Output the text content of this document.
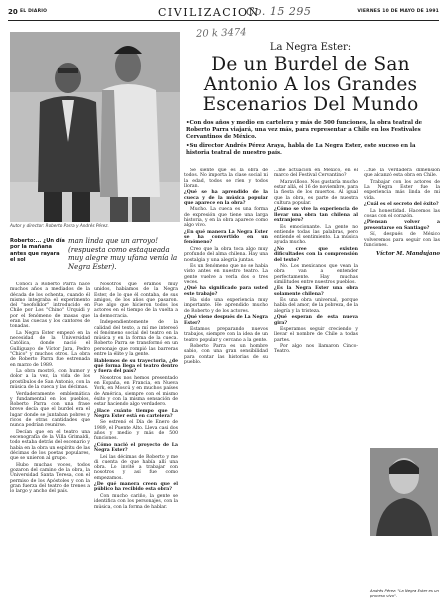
20 EL DIARIO	CIVILIZACION
Co. 15 295	VIERNES 10 DE MAYO DE 1991
20 k 3474
Autor y director: Roberto Parra y Andrés Pérez.
La Negra Ester:
De un Burdel de San Antonio A los Grandes Escenarios Del Mundo

•Con dos años y medio en cartelera y más de 500 funciones, la obra teatral de Roberto Parra viajará, una vez más, para representar a Chile en los Festivales Cervantinos de México.

•Su director Andrés Pérez Araya, habla de La Negra Ester, este suceso en la historia teatral de nuestro país.

Roberto:... ¿Un día por la mañana antes que rayara el sol
man linda que un arroyo! (respuesta como estaqueada muy alegre muy ufana venía la Negra Ester).

Conocí a Roberto Parra hace muchos años a mediados de la década de los ochenta, cuando él mismo integraba el experimento del "neofolklor" introducido en Chile por Los "Chino" Urquidi y por el fenómeno de masas que eran las cuecas y los cantores de tonadas.

La Negra Ester empezó en la necesidad de la Universidad Católica, donde nació el Gulliguayo de Víctor Jara, Pedro "Chico" y muchos otros. La obra de Roberto Parra fue estrenada en marzo de 1989.

La obra mostró, con humor y dolor a la vez, la vida de los prostíbulos de San Antonio, con la música de la cueca y las décimas.

Verdaderamente emblemática y fundamental en los pueblos, Roberto Parra con una frase breve decía que el burdel era el lugar donde se juntaban pobres y ricos de otras cantidades que nunca podrían reunirse.

Decían que en el teatro una escenografía de la Villa Grimaldi, todo estaba detrás del escenario y había en la obra un espíritu de las décimas de los poetas populares, que se unieron al grupo.

Hubo muchas voces, todos gozaron del camino de la obra, la Universidad Santa Teresa, con el permiso de los Apóstoles y con la gran fuerza del teatro de trenes a lo largo y ancho del país.

Nosotros que éramos muy unidos, habíamos de la Negra Ester, de lo que él contaba, de sus amigos, de los años que pasaron. Fue algo que hicieron todos los actores en el tiempo de la vuelta a la democracia.

Independientemente de la calidad del texto, a mí me interesó el fenómeno social del teatro en la música y en la forma de la cueca. Roberto Parra se transformó en un personaje que rompió las barreras entre la élite y la gente.

Hablemos de su trayectoria, ¿de qué forma llega el teatro dentro y fuera del país?

Nosotros nos hemos presentado en España, en Francia, en Nueva York, en Moscú y en muchos países de América, siempre con el mismo éxito y con la misma sensación de estar haciendo algo verdadero.

¿Hace cuánto tiempo que La Negra Ester está en cartelera?

Se estrenó el Día de Enero de 1989, el Puente Alto. Lleva casi dos años y medio y más de 500 funciones.

¿Cómo nació el proyecto de La Negra Ester?

Leí las décimas de Roberto y me di cuenta de que había allí una obra. Lo invité a trabajar con nosotros y así fue como empezamos.

¿De qué manera creen que el público ha recibido esta obra?

Con mucho cariño, la gente se identifica con los personajes, con la música, con la forma de hablar.

Se siente que es la obra de todos. No importa la clase social ni la edad, todos se ríen y todos lloran.

¿Qué se ha aprendido de la cueca y de la música popular que aparece en la obra?

Mucho. La cueca es una forma de expresión que tiene una larga historia, y en la obra aparece como algo vivo.

¿En qué manera La Negra Ester se ha convertido en un fenómeno?

Creo que la obra toca algo muy profundo del alma chilena. Hay una nostalgia y una alegría juntas.

Es un fenómeno que no se había visto antes en nuestro teatro. La gente vuelve a verla dos o tres veces.

¿Qué ha significado para usted este trabajo?

Ha sido una experiencia muy importante. He aprendido mucho de Roberto y de los actores.

¿Qué viene después de La Negra Ester?

Estamos preparando nuevos trabajos, siempre con la idea de un teatro popular y cercano a la gente.

Roberto Parra es un hombre sabio, con una gran sensibilidad para contar las historias de su pueblo.

...me actuación en México, en el marco del Festival Cervantino?

Maravilloso. Nos gustaría mucho estar allá, el 16 de noviembre, para la fiesta de los muertos. Al igual que la obra, es parte de nuestra cultura popular.

¿Cómo se vive la experiencia de llevar una obra tan chilena al extranjero?

Es emocionante. La gente no entiende todas las palabras, pero entiende el sentimiento. La música ayuda mucho.

¿No cree que existen dificultades con la comprensión del texto?

No. Los mexicanos que vean la obra van a entender perfectamente. Hay muchas similitudes entre nuestros pueblos.

¿Es la Negra Ester una obra solamente chilena?

Es una obra universal, porque habla del amor, de la pobreza, de la alegría y la tristeza.

¿Qué esperan de esta nueva gira?

Esperamos seguir creciendo y llevar el nombre de Chile a todas partes.

Por algo nos llamaron Cinco-Teatro.

...fue la verdadera dimensión que alcanzó esta obra en Chile.

Trabajar con los actores de La Negra Ester fue la experiencia más linda de mi vida.

¿Cuál es el secreto del éxito?

La honestidad. Hacemos las cosas con el corazón.

¿Piensan volver a presentarse en Santiago?

Sí, después de México volveremos para seguir con las funciones.

Víctor M. Mandujano
Andrés Pérez: "La Negra Ester es un proceso vivo".
